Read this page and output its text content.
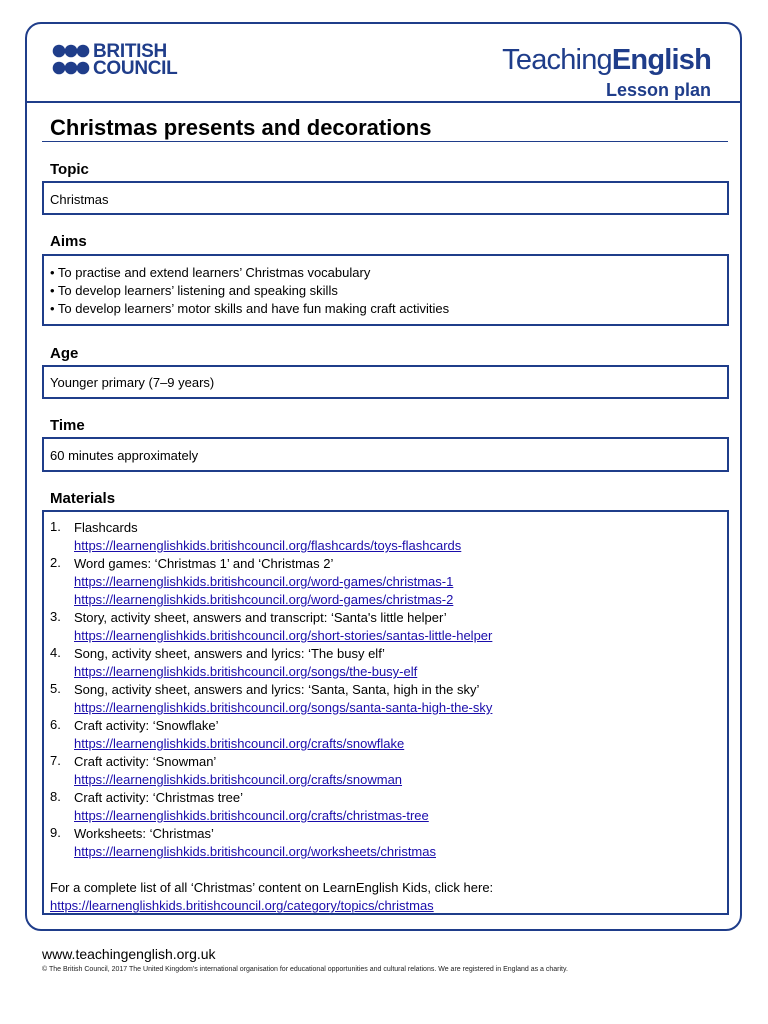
BRITISH
COUNCIL	TeachingEnglish
Lesson plan
Christmas presents and decorations
Topic
Christmas
Aims
• To practise and extend learners’ Christmas vocabulary
• To develop learners’ listening and speaking skills
• To develop learners’ motor skills and have fun making craft activities
Age
Younger primary (7–9 years)
Time
60 minutes approximately
Materials
1.	Flashcards
https://learnenglishkids.britishcouncil.org/flashcards/toys-flashcards
2.	Word games: ‘Christmas 1’ and ‘Christmas 2’
https://learnenglishkids.britishcouncil.org/word-games/christmas-1
https://learnenglishkids.britishcouncil.org/word-games/christmas-2
3.	Story, activity sheet, answers and transcript: ‘Santa's little helper’
https://learnenglishkids.britishcouncil.org/short-stories/santas-little-helper
4.	Song, activity sheet, answers and lyrics: ‘The busy elf’
https://learnenglishkids.britishcouncil.org/songs/the-busy-elf
5.	Song, activity sheet, answers and lyrics: ‘Santa, Santa, high in the sky’
https://learnenglishkids.britishcouncil.org/songs/santa-santa-high-the-sky
6.	Craft activity: ‘Snowflake’
https://learnenglishkids.britishcouncil.org/crafts/snowflake
7.	Craft activity: ‘Snowman’
https://learnenglishkids.britishcouncil.org/crafts/snowman
8.	Craft activity: ‘Christmas tree’
https://learnenglishkids.britishcouncil.org/crafts/christmas-tree
9.	Worksheets: ‘Christmas’
https://learnenglishkids.britishcouncil.org/worksheets/christmas
For a complete list of all ‘Christmas’ content on LearnEnglish Kids, click here:
https://learnenglishkids.britishcouncil.org/category/topics/christmas
www.teachingenglish.org.uk
© The British Council, 2017 The United Kingdom’s international organisation for educational opportunities and cultural relations. We are registered in England as a charity.
